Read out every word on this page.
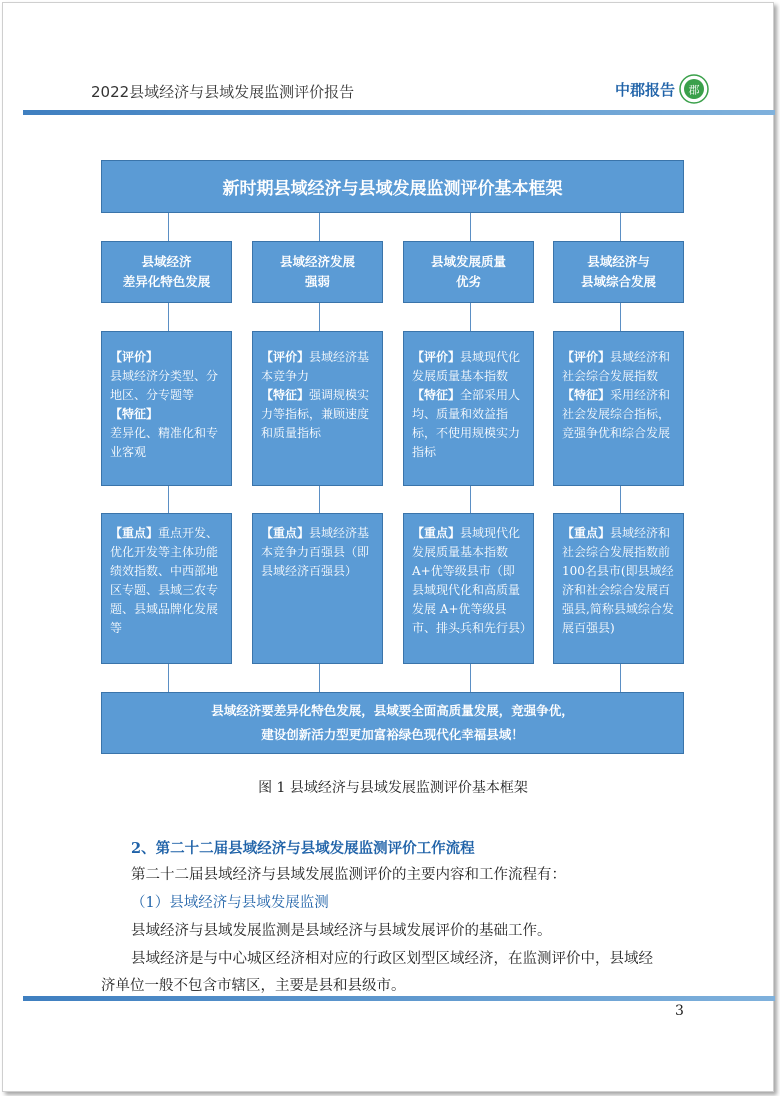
2022县域经济与县域发展监测评价报告	中郡报告 郡
新时期县域经济与县域发展监测评价基本框架
县域经济
差异化特色发展
县域经济发展
强弱
县域发展质量
优劣
县域经济与
县域综合发展
【评价】
县域经济分类型、分地区、分专题等
【特征】
差异化、精准化和专业客观
【评价】县域经济基本竞争力
【特征】强调规模实力等指标，兼顾速度和质量指标
【评价】县域现代化发展质量基本指数
【特征】全部采用人均、质量和效益指标，不使用规模实力指标
【评价】县域经济和社会综合发展指数
【特征】采用经济和社会发展综合指标，竞强争优和综合发展
【重点】重点开发、优化开发等主体功能绩效指数、中西部地区专题、县域三农专题、县域品牌化发展等
【重点】县域经济基本竞争力百强县（即县域经济百强县）
【重点】县域现代化发展质量基本指数A+优等级县市（即县域现代化和高质量发展 A+优等级县市、排头兵和先行县）
【重点】县域经济和社会综合发展指数前100名县市(即县域经济和社会综合发展百强县,简称县域综合发展百强县)
县域经济要差异化特色发展，县域要全面高质量发展，竞强争优，
建设创新活力型更加富裕绿色现代化幸福县域！
图 1 县域经济与县域发展监测评价基本框架
2、第二十二届县域经济与县域发展监测评价工作流程
第二十二届县域经济与县域发展监测评价的主要内容和工作流程有：
（1）县域经济与县域发展监测
县域经济与县域发展监测是县域经济与县域发展评价的基础工作。
县域经济是与中心城区经济相对应的行政区划型区域经济，在监测评价中，县域经
济单位一般不包含市辖区，主要是县和县级市。
3
